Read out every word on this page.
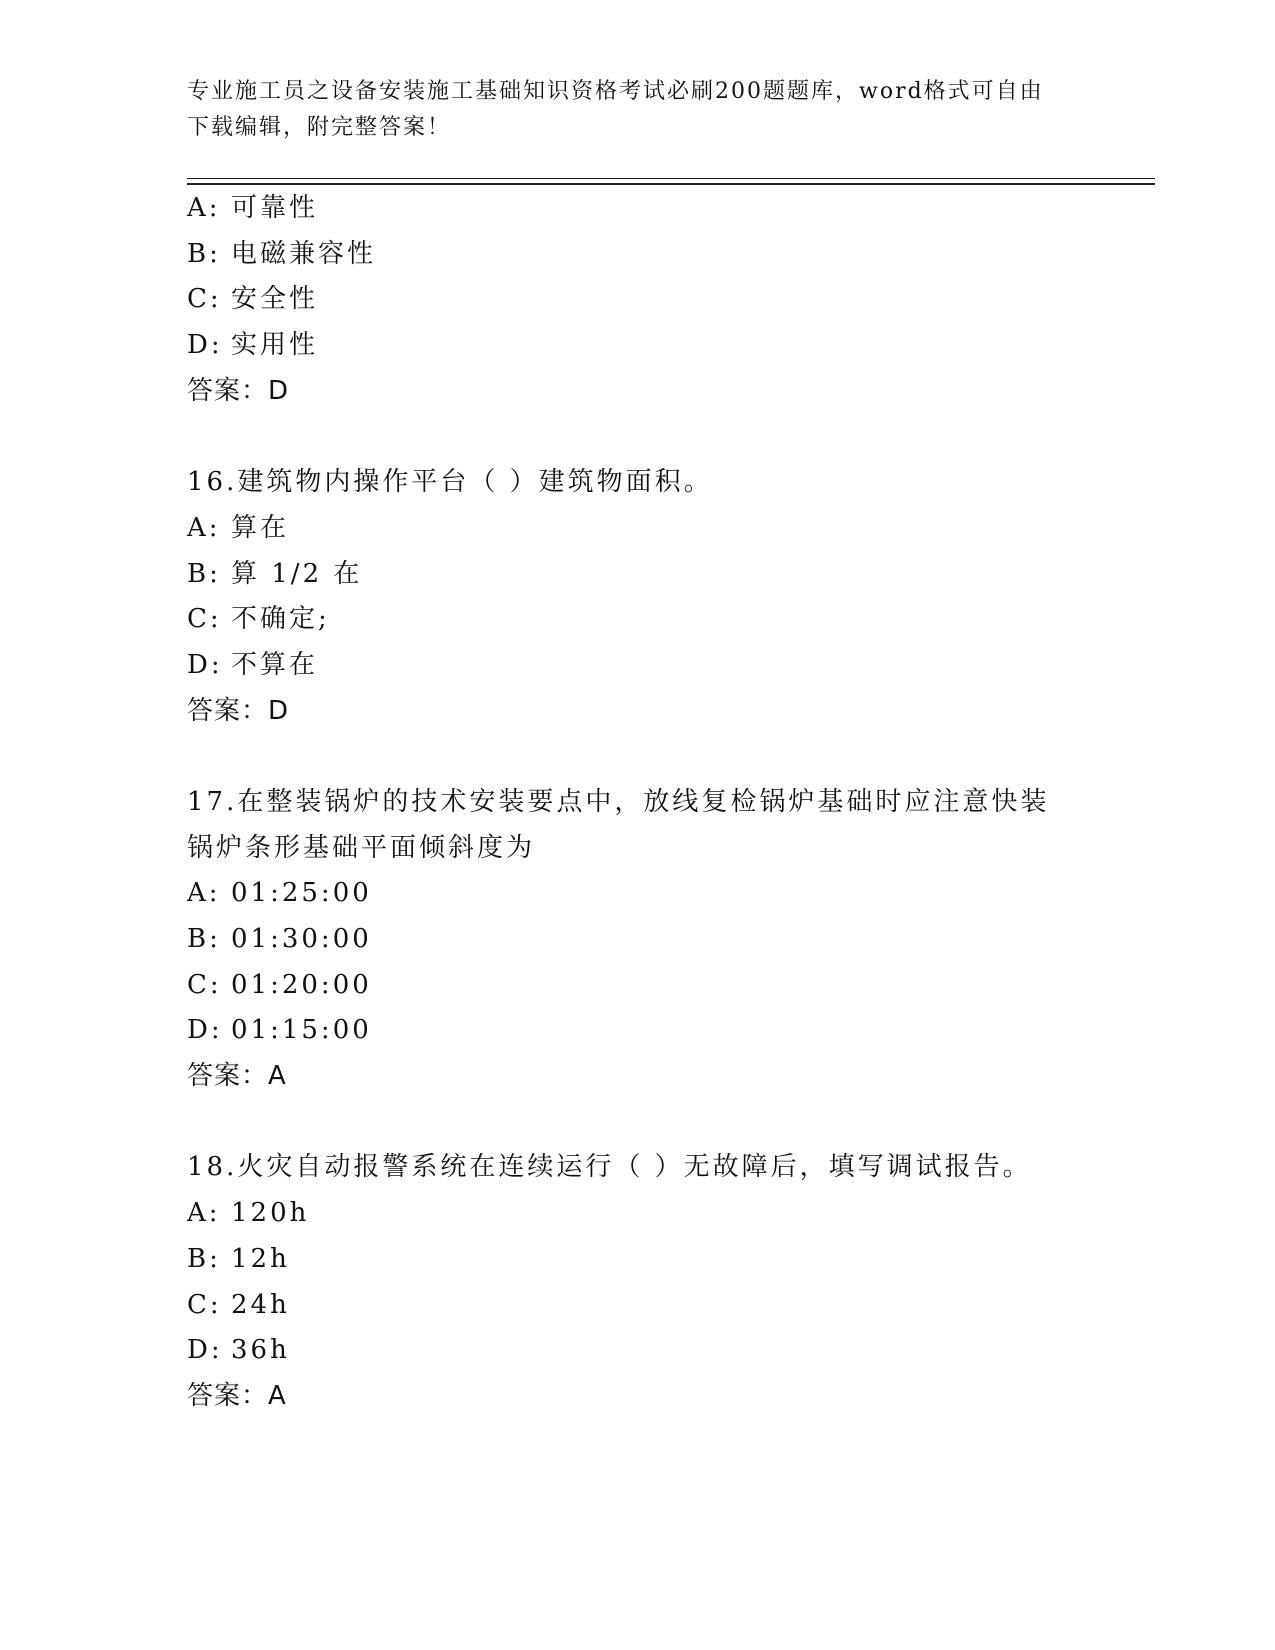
专业施工员之设备安装施工基础知识资格考试必刷200题题库，word格式可自由下载编辑，附完整答案！
A: 可靠性
B: 电磁兼容性
C: 安全性
D: 实用性
答案：D
16.建筑物内操作平台（ ）建筑物面积。
A: 算在
B: 算 1/2 在
C: 不确定;
D: 不算在
答案：D
17.在整装锅炉的技术安装要点中，放线复检锅炉基础时应注意快装锅炉条形基础平面倾斜度为
A: 01:25:00
B: 01:30:00
C: 01:20:00
D: 01:15:00
答案：A
18.火灾自动报警系统在连续运行（ ）无故障后，填写调试报告。
A: 120h
B: 12h
C: 24h
D: 36h
答案：A
